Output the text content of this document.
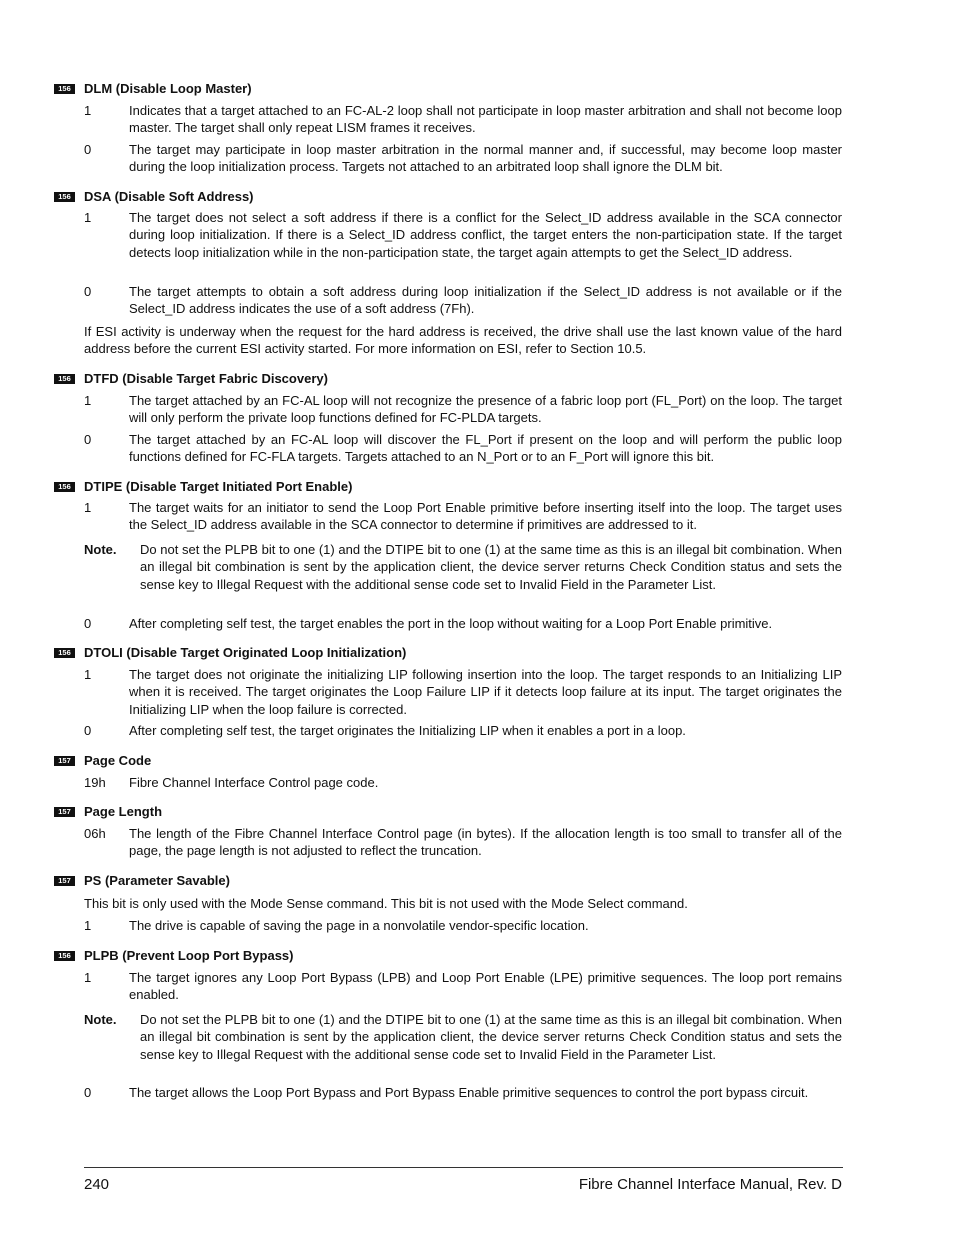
156	DLM (Disable Loop Master)
1	Indicates that a target attached to an FC-AL-2 loop shall not participate in loop master arbitration and shall not become loop master. The target shall only repeat LISM frames it receives.
0	The target may participate in loop master arbitration in the normal manner and, if successful, may become loop master during the loop initialization process. Targets not attached to an arbitrated loop shall ignore the DLM bit.
156	DSA (Disable Soft Address)
1	The target does not select a soft address if there is a conflict for the Select_ID address available in the SCA connector during loop initialization. If there is a Select_ID address conflict, the target enters the non-participation state. If the target detects loop initialization while in the non-participation state, the target again attempts to get the Select_ID address.
0	The target attempts to obtain a soft address during loop initialization if the Select_ID address is not available or if the Select_ID address indicates the use of a soft address (7Fh).
If ESI activity is underway when the request for the hard address is received, the drive shall use the last known value of the hard address before the current ESI activity started. For more information on ESI, refer to Section 10.5.
156	DTFD (Disable Target Fabric Discovery)
1	The target attached by an FC-AL loop will not recognize the presence of a fabric loop port (FL_Port) on the loop. The target will only perform the private loop functions defined for FC-PLDA targets.
0	The target attached by an FC-AL loop will discover the FL_Port if present on the loop and will perform the public loop functions defined for FC-FLA targets. Targets attached to an N_Port or to an F_Port will ignore this bit.
156	DTIPE (Disable Target Initiated Port Enable)
1	The target waits for an initiator to send the Loop Port Enable primitive before inserting itself into the loop. The target uses the Select_ID address available in the SCA connector to determine if primitives are addressed to it.
Note. Do not set the PLPB bit to one (1) and the DTIPE bit to one (1) at the same time as this is an illegal bit combination. When an illegal bit combination is sent by the application client, the device server returns Check Condition status and sets the sense key to Illegal Request with the additional sense code set to Invalid Field in the Parameter List.
0	After completing self test, the target enables the port in the loop without waiting for a Loop Port Enable primitive.
156	DTOLI (Disable Target Originated Loop Initialization)
1	The target does not originate the initializing LIP following insertion into the loop. The target responds to an Initializing LIP when it is received. The target originates the Loop Failure LIP if it detects loop failure at its input. The target originates the Initializing LIP when the loop failure is corrected.
0	After completing self test, the target originates the Initializing LIP when it enables a port in a loop.
157	Page Code
19h Fibre Channel Interface Control page code.
157	Page Length
06h The length of the Fibre Channel Interface Control page (in bytes). If the allocation length is too small to transfer all of the page, the page length is not adjusted to reflect the truncation.
157	PS (Parameter Savable)
This bit is only used with the Mode Sense command. This bit is not used with the Mode Select command.
1	The drive is capable of saving the page in a nonvolatile vendor-specific location.
156	PLPB (Prevent Loop Port Bypass)
1	The target ignores any Loop Port Bypass (LPB) and Loop Port Enable (LPE) primitive sequences. The loop port remains enabled.
Note. Do not set the PLPB bit to one (1) and the DTIPE bit to one (1) at the same time as this is an illegal bit combination. When an illegal bit combination is sent by the application client, the device server returns Check Condition status and sets the sense key to Illegal Request with the additional sense code set to Invalid Field in the Parameter List.
0	The target allows the Loop Port Bypass and Port Bypass Enable primitive sequences to control the port bypass circuit.
240	Fibre Channel Interface Manual, Rev. D
